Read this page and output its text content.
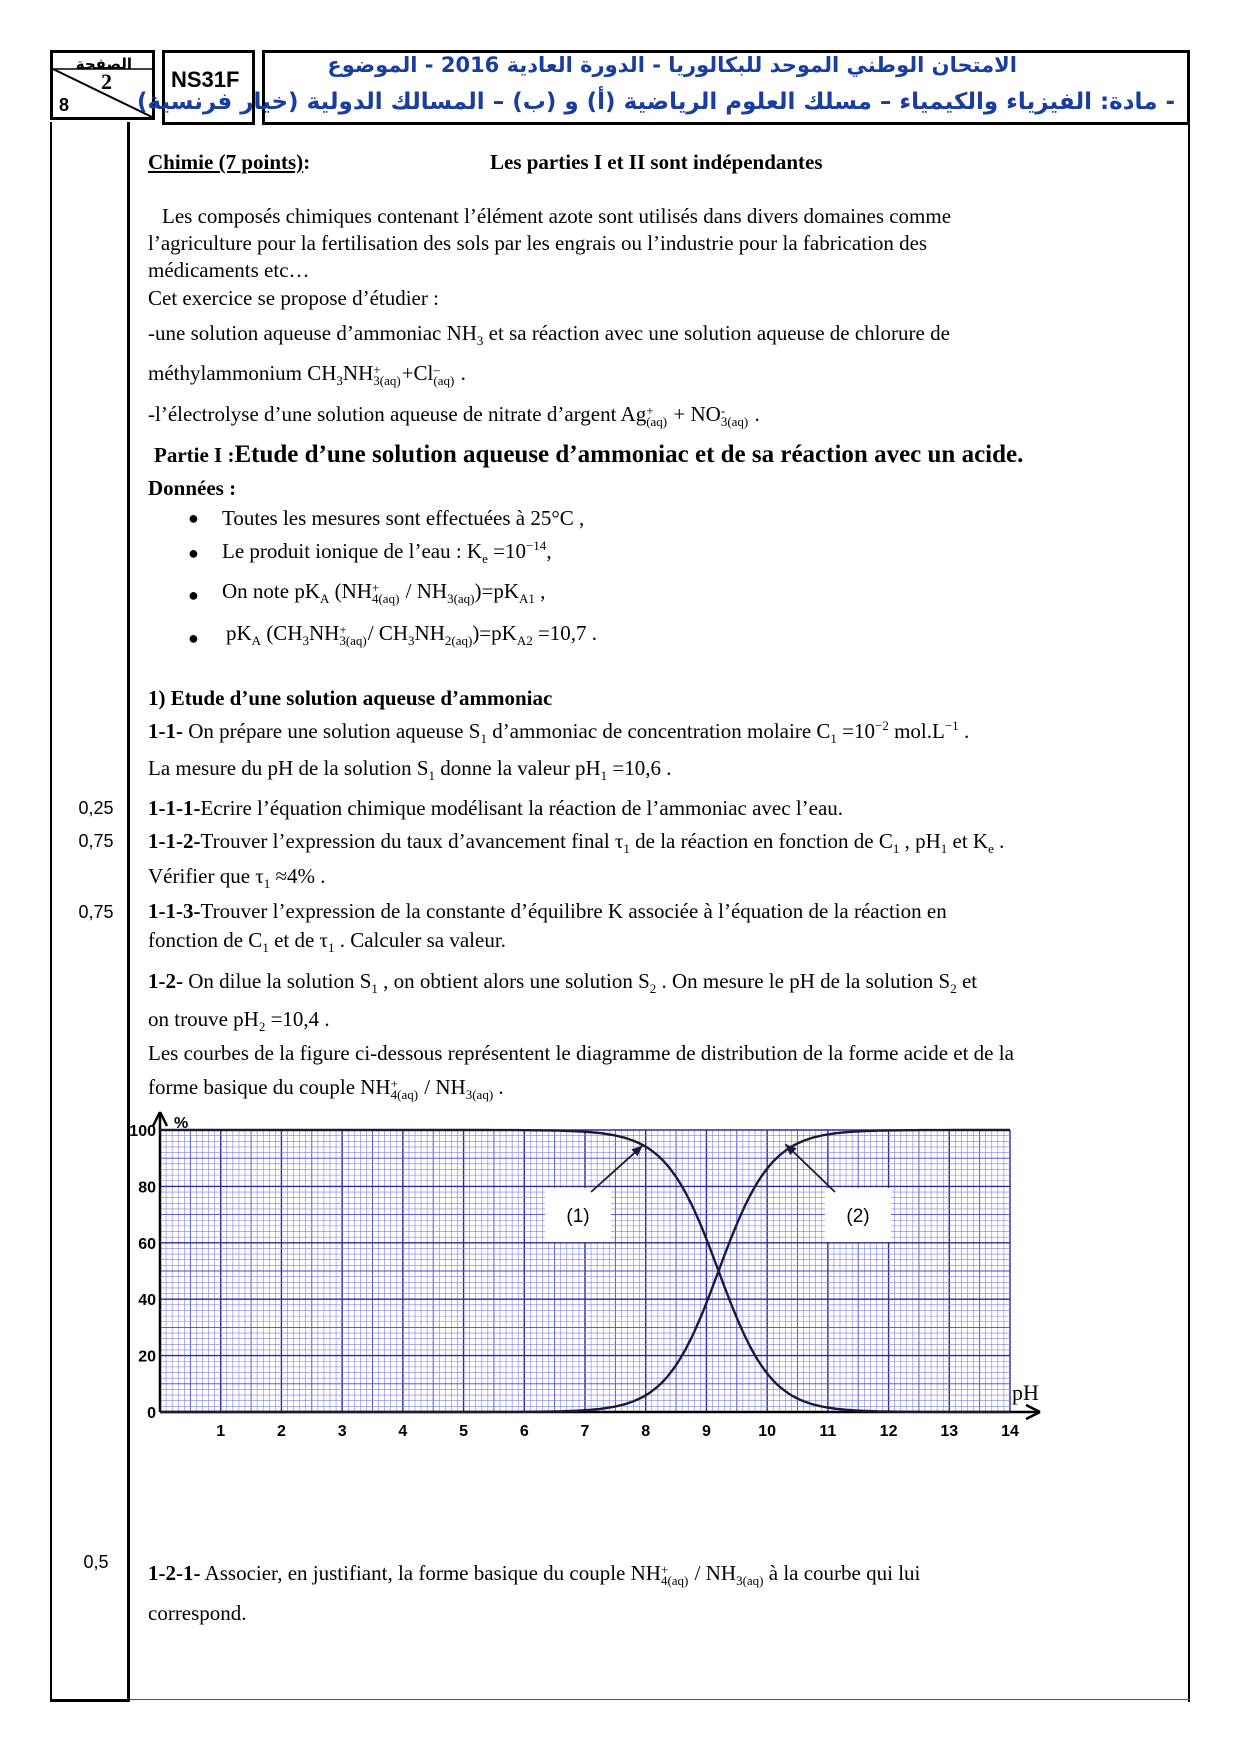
الصفحة
2
8
NS31F
الامتحان الوطني الموحد للبكالوريا - الدورة العادية 2016 - الموضوع
- مادة: الفيزياء والكيمياء – مسلك العلوم الرياضية (أ) و (ب) – المسالك الدولية (خيار فرنسية)
0,25
0,75
0,75
0,5
Chimie (7 points):	Les parties I et II sont indépendantes
Les composés chimiques contenant l’élément azote sont utilisés dans divers domaines comme
l’agriculture pour la fertilisation des sols par les engrais ou l’industrie pour la fabrication des
médicaments etc…
Cet exercice se propose d’étudier :
-une solution aqueuse d’ammoniac $NH_3$ et sa réaction avec une solution aqueuse de chlorure de
méthylammonium $CH_3NH+$
3(aq)+Cl–
(aq) .
-l’électrolyse d’une solution aqueuse de nitrate d’argent Ag+
(aq) + NO-
3(aq) .
Partie I :Etude d’une solution aqueuse d’ammoniac et de sa réaction avec un acide.
Données :
● Toutes les mesures sont effectuées à 25°C ,
● Le produit ionique de l’eau : $K_e =10^{-14}$,
● On note $pK_A$ (NH+
$4(aq) / NH_{3(aq)})=pK_{A1}$ ,
● $pK_A$ ($CH_3NH+$
3(aq)/ $CH_3NH_{2(aq)})=pK_{A2} =10,7$ .
1) Etude d’une solution aqueuse d’ammoniac
1-1- On prépare une solution aqueuse $S_1$ d’ammoniac de concentration molaire $C_1 =10^{-2}$ $mol.L^{-1}$ .
La mesure du pH de la solution $S_1$ donne la valeur $pH_1 =10,6$ .
1-1-1-Ecrire l’équation chimique modélisant la réaction de l’ammoniac avec l’eau.
1-1-2-Trouver l’expression du taux d’avancement final $\tau_1$ de la réaction en fonction de $C_1$ , $pH_1$ et $K_e$ .
Vérifier que $\tau_1 \approx 4\%$ .
1-1-3-Trouver l’expression de la constante d’équilibre K associée à l’équation de la réaction en
fonction de $C_1$ et de $\tau_1$ . Calculer sa valeur.
1-2- On dilue la solution $S_1$ , on obtient alors une solution $S_2$ . On mesure le pH de la solution $S_2$ et
on trouve $pH_2 =10,4$ .
Les courbes de la figure ci-dessous représentent le diagramme de distribution de la forme acide et de la
forme basique du couple NH+
$4(aq) / NH_{3(aq)}$ .
1	2	3	4	5	6	7	8	9	10	11	12	13	14
0
20
40
60
80
100 %
pH
(1)	(2)
1-2-1- Associer, en justifiant, la forme basique du couple NH+
$4(aq) / NH_{3(aq)}$ à la courbe qui lui
correspond.
